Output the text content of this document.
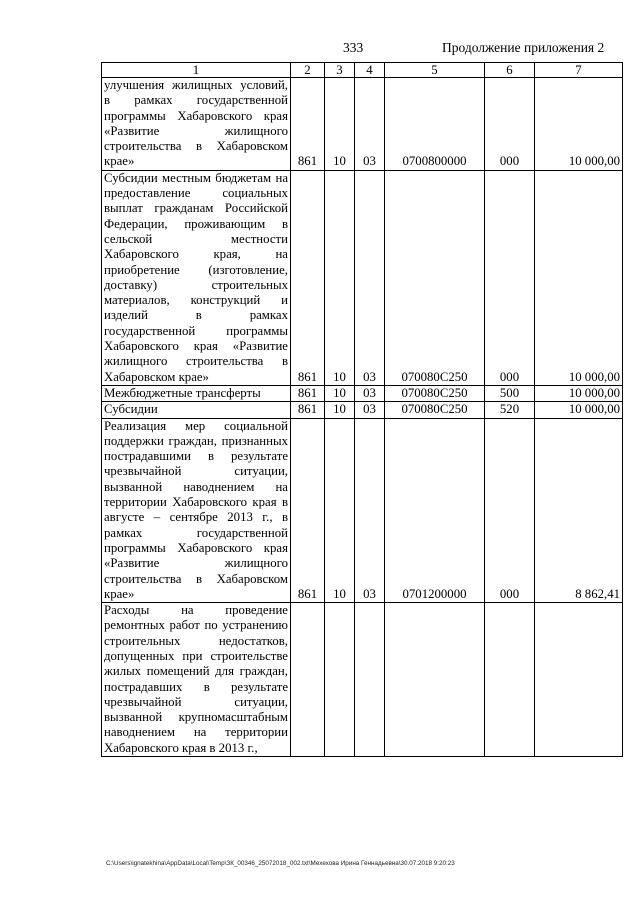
333	Продолжение приложения 2
1	2	3	4	5	6	7
улучшения жилищных условий, в рамках государственной программы Хабаровского края «Развитие жилищного строительства в Хабаровском крае»	861	10	03	0700800000	000	10 000,00
Субсидии местным бюджетам на предоставление социальных выплат гражданам Российской Федерации, проживающим в сельской местности Хабаровского края, на приобретение (изготовление, доставку) строительных материалов, конструкций и изделий в рамках государственной программы Хабаровского края «Развитие жилищного строительства в Хабаровском крае»	861	10	03	070080С250	000	10 000,00
Межбюджетные трансферты	861	10	03	070080С250	500	10 000,00
Субсидии	861	10	03	070080С250	520	10 000,00
Реализация мер социальной поддержки граждан, признанных пострадавшими в результате чрезвычайной ситуации, вызванной наводнением на территории Хабаровского края в августе – сентябре 2013 г., в рамках государственной программы Хабаровского края «Развитие жилищного строительства в Хабаровском крае»	861	10	03	0701200000	000	8 862,41
Расходы на проведение ремонтных работ по устранению строительных недостатков, допущенных при строительстве жилых помещений для граждан, пострадавших в результате чрезвычайной ситуации, вызванной крупномасштабным наводнением на территории Хабаровского края в 2013 г.,						
C:\Users\ignatekhina\AppData\Local\Temp\ЗК_00346_25072018_002.txt\Мехехова Ирина Геннадьевна\30.07.2018 9:20:23
